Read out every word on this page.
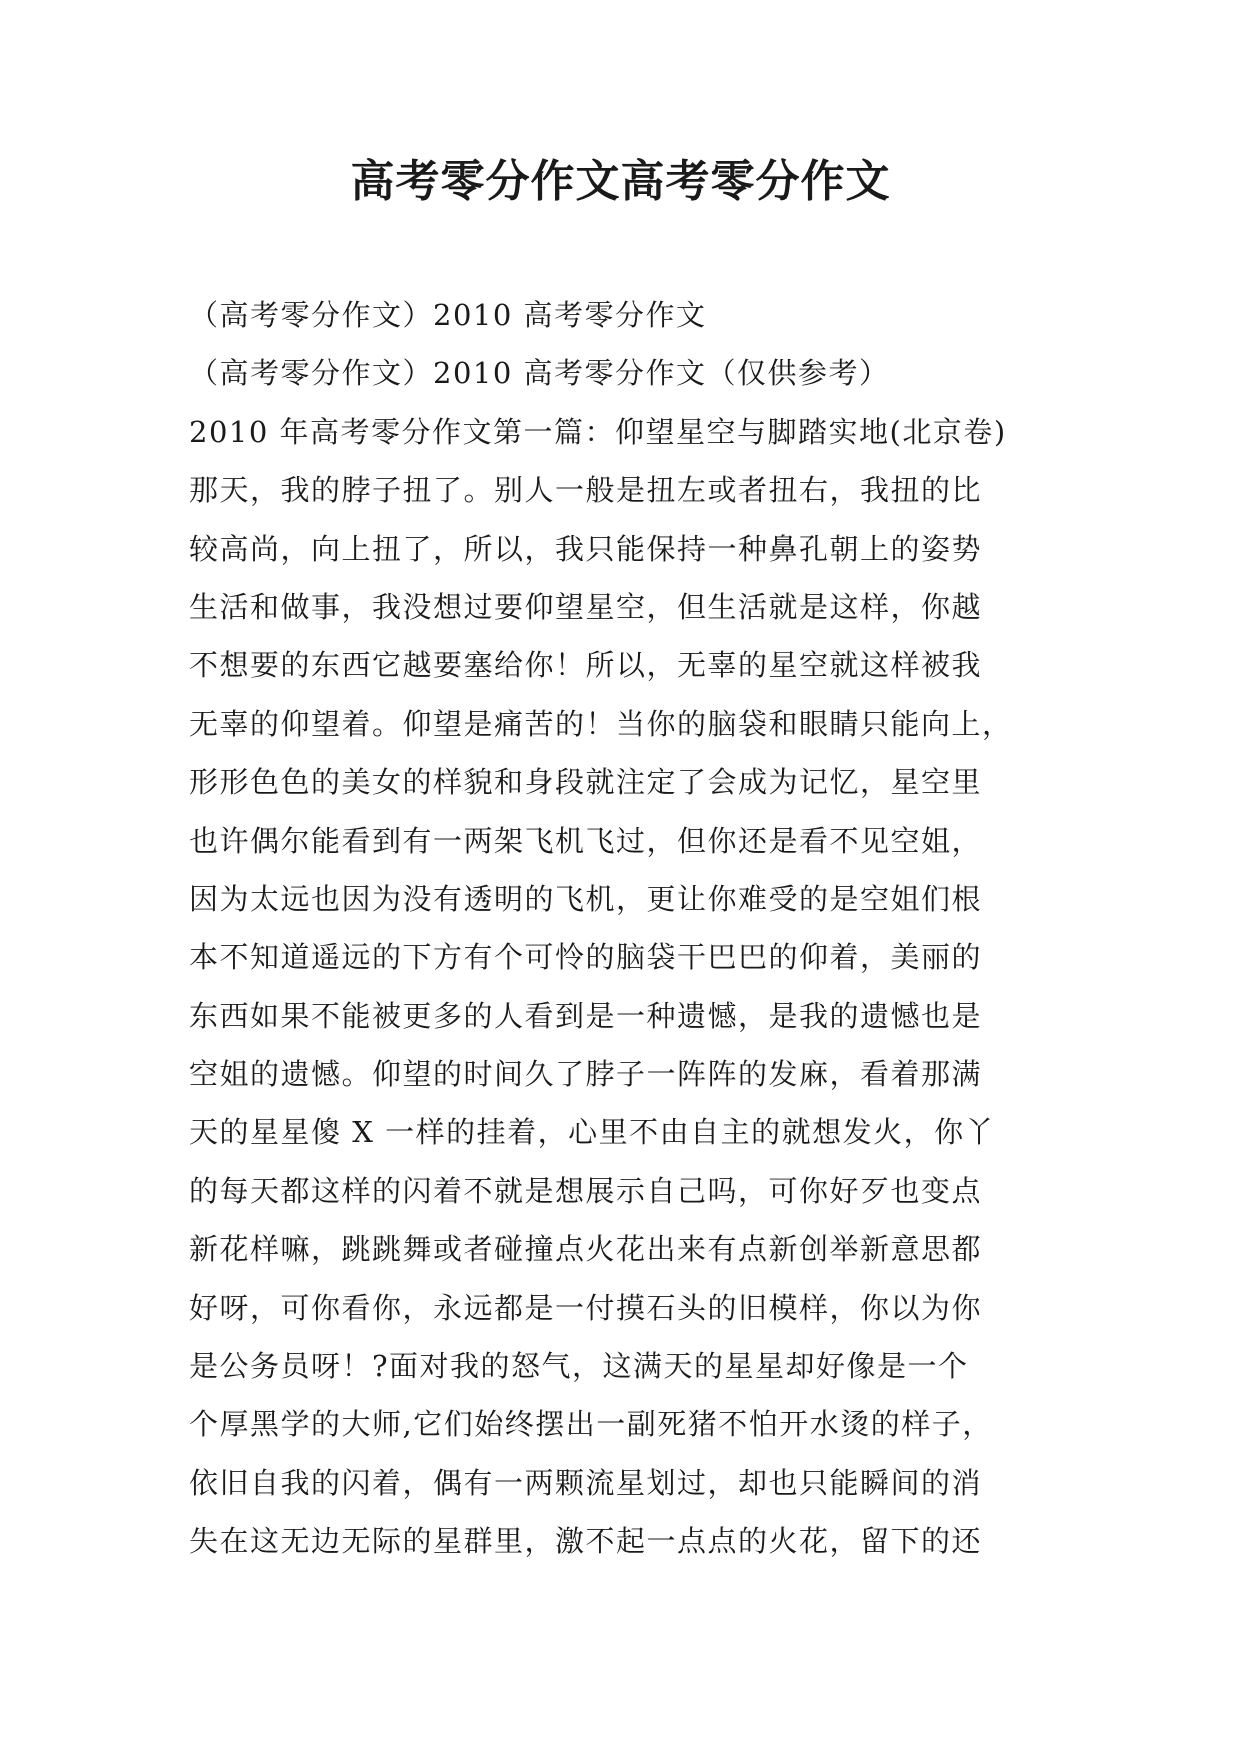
高考零分作文高考零分作文
（高考零分作文）2010 高考零分作文
（高考零分作文）2010 高考零分作文（仅供参考）
2010 年高考零分作文第一篇：仰望星空与脚踏实地(北京卷)
那天，我的脖子扭了。别人一般是扭左或者扭右，我扭的比
较高尚，向上扭了，所以，我只能保持一种鼻孔朝上的姿势
生活和做事，我没想过要仰望星空，但生活就是这样，你越
不想要的东西它越要塞给你！所以，无辜的星空就这样被我
无辜的仰望着。仰望是痛苦的！当你的脑袋和眼睛只能向上，
形形色色的美女的样貌和身段就注定了会成为记忆，星空里
也许偶尔能看到有一两架飞机飞过，但你还是看不见空姐，
因为太远也因为没有透明的飞机，更让你难受的是空姐们根
本不知道遥远的下方有个可怜的脑袋干巴巴的仰着，美丽的
东西如果不能被更多的人看到是一种遗憾，是我的遗憾也是
空姐的遗憾。仰望的时间久了脖子一阵阵的发麻，看着那满
天的星星傻 X 一样的挂着，心里不由自主的就想发火，你丫
的每天都这样的闪着不就是想展示自己吗，可你好歹也变点
新花样嘛，跳跳舞或者碰撞点火花出来有点新创举新意思都
好呀，可你看你，永远都是一付摸石头的旧模样，你以为你
是公务员呀！?面对我的怒气，这满天的星星却好像是一个
个厚黑学的大师,它们始终摆出一副死猪不怕开水烫的样子，
依旧自我的闪着，偶有一两颗流星划过，却也只能瞬间的消
失在这无边无际的星群里，激不起一点点的火花，留下的还
